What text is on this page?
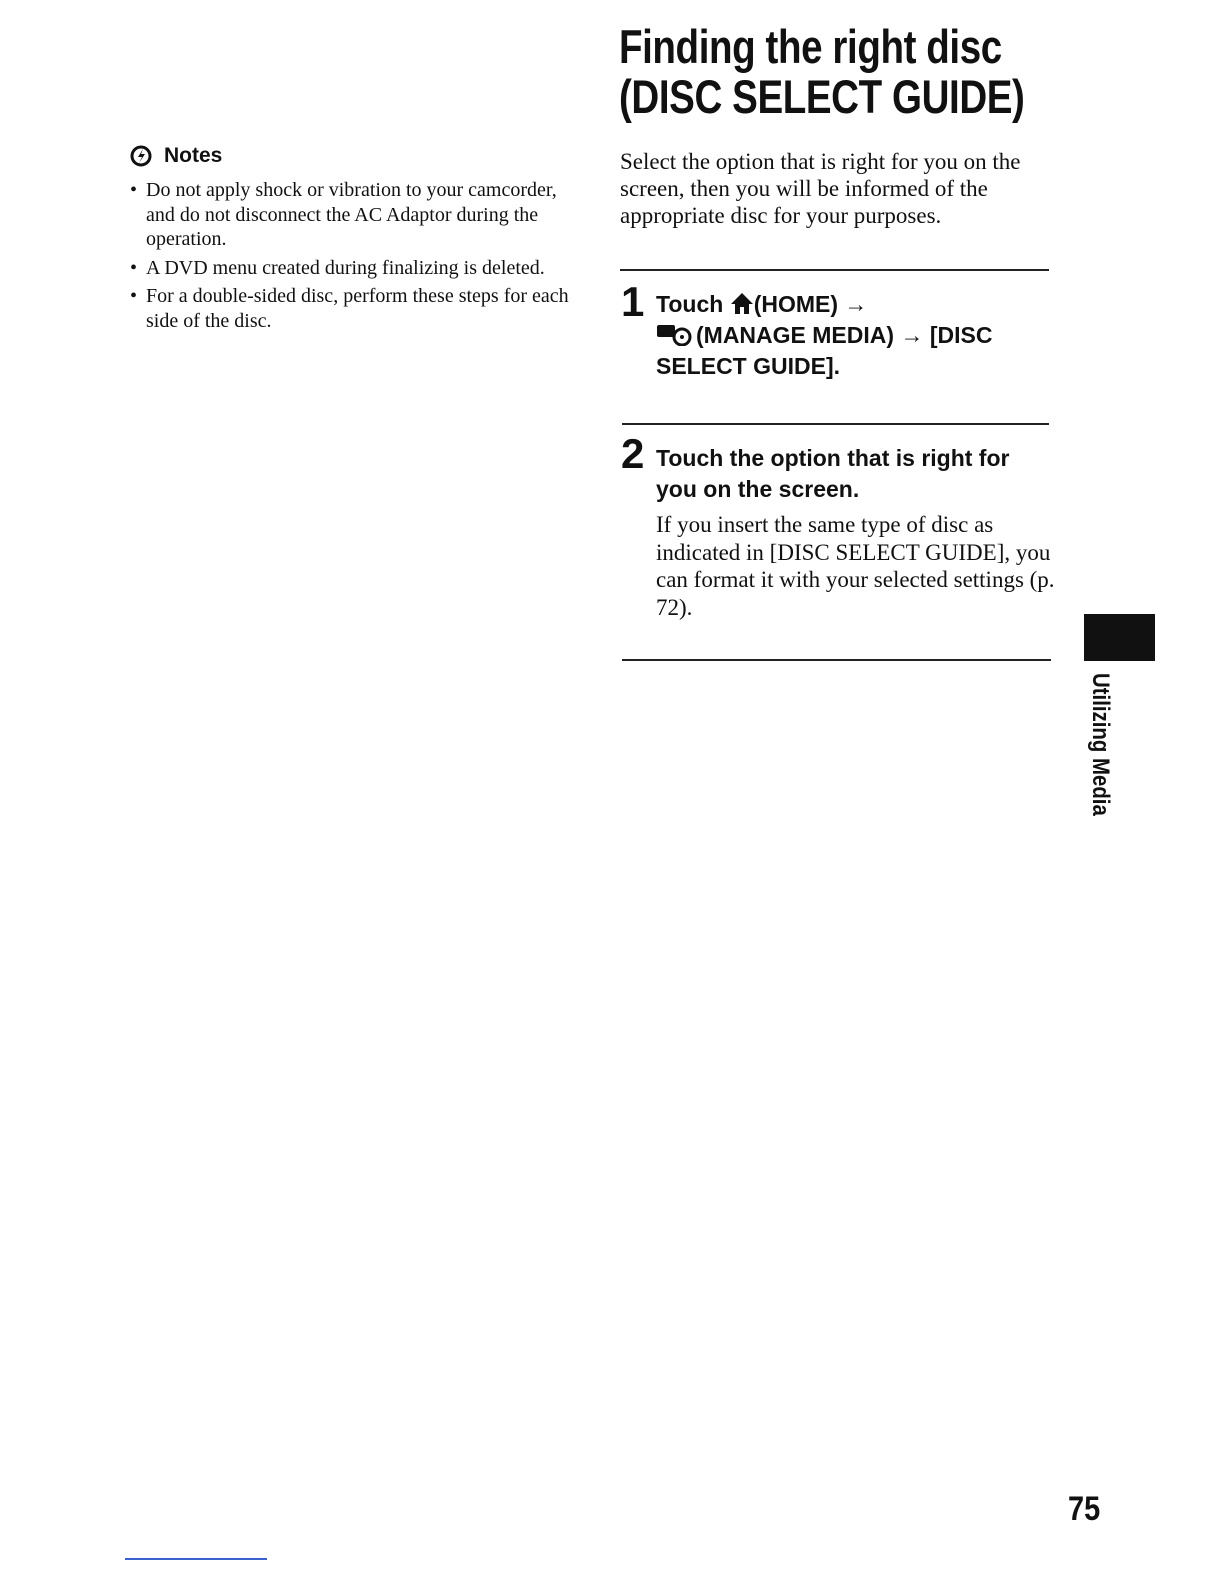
Notes
• Do not apply shock or vibration to your camcorder, and do not disconnect the AC Adaptor during the operation.
• A DVD menu created during finalizing is deleted.
• For a double-sided disc, perform these steps for each side of the disc.
Finding the right disc
(DISC SELECT GUIDE)

Select the option that is right for you on the screen, then you will be informed of the appropriate disc for your purposes.

1 Touch (HOME) →
(MANAGE MEDIA) → [DISC
SELECT GUIDE].
2 Touch the option that is right for
you on the screen.

If you insert the same type of disc as indicated in [DISC SELECT GUIDE], you can format it with your selected settings (p. 72).

Utilizing Media
75
